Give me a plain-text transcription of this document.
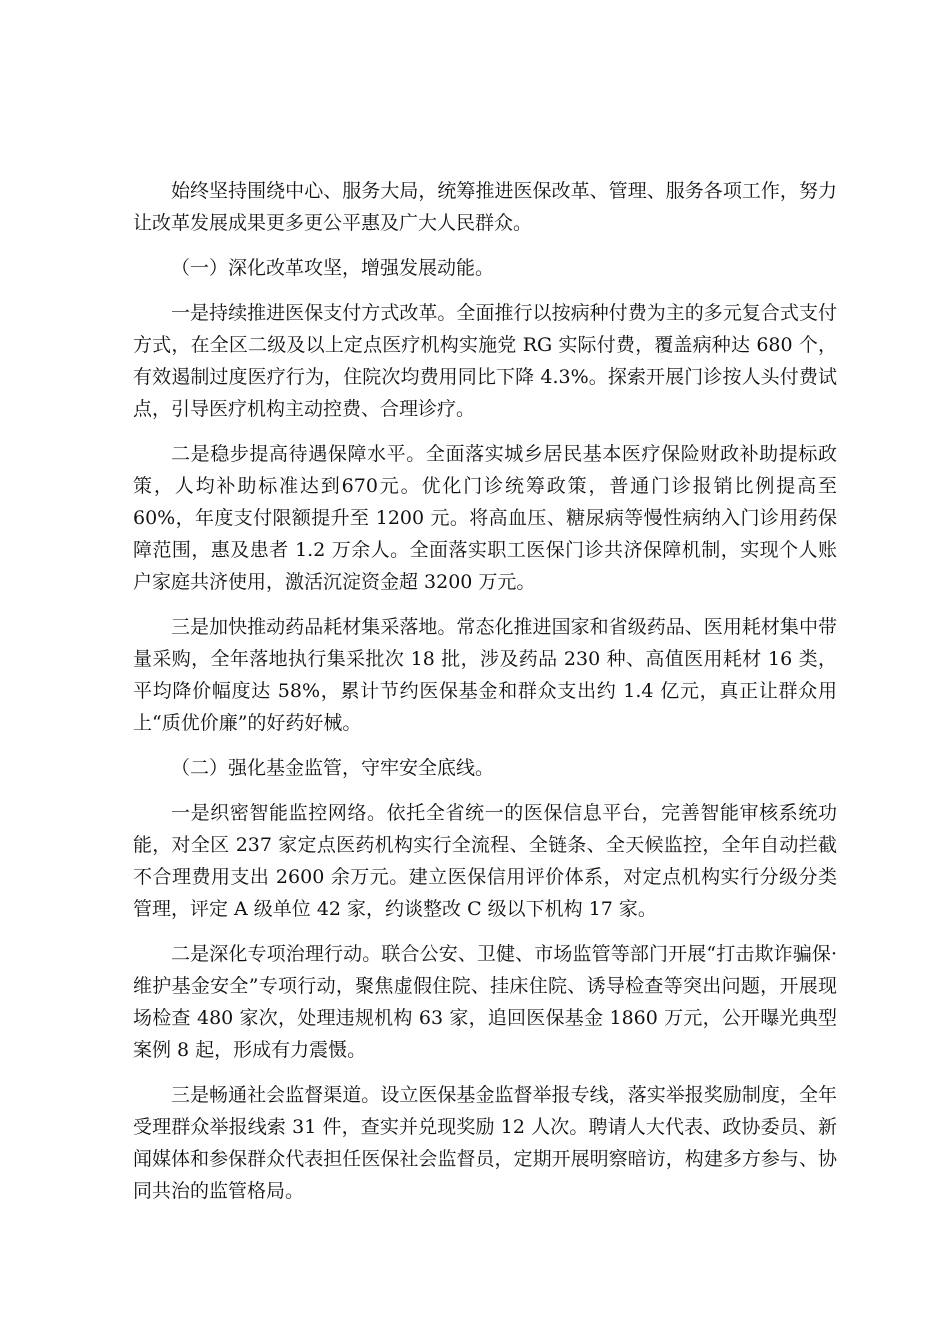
始终坚持围绕中心、服务大局，统筹推进医保改革、管理、服务各项工作，努力让改革发展成果更多更公平惠及广大人民群众。

（一）深化改革攻坚，增强发展动能。

一是持续推进医保支付方式改革。全面推行以按病种付费为主的多元复合式支付方式，在全区二级及以上定点医疗机构实施党 RG 实际付费，覆盖病种达 680 个，有效遏制过度医疗行为，住院次均费用同比下降 4.3%。探索开展门诊按人头付费试点，引导医疗机构主动控费、合理诊疗。

二是稳步提高待遇保障水平。全面落实城乡居民基本医疗保险财政补助提标政策，人均补助标准达到670元。优化门诊统筹政策，普通门诊报销比例提高至 60%，年度支付限额提升至 1200 元。将高血压、糖尿病等慢性病纳入门诊用药保障范围，惠及患者 1.2 万余人。全面落实职工医保门诊共济保障机制，实现个人账户家庭共济使用，激活沉淀资金超 3200 万元。

三是加快推动药品耗材集采落地。常态化推进国家和省级药品、医用耗材集中带量采购，全年落地执行集采批次 18 批，涉及药品 230 种、高值医用耗材 16 类，平均降价幅度达 58%，累计节约医保基金和群众支出约 1.4 亿元，真正让群众用上“质优价廉”的好药好械。

（二）强化基金监管，守牢安全底线。

一是织密智能监控网络。依托全省统一的医保信息平台，完善智能审核系统功能，对全区 237 家定点医药机构实行全流程、全链条、全天候监控，全年自动拦截不合理费用支出 2600 余万元。建立医保信用评价体系，对定点机构实行分级分类管理，评定 A 级单位 42 家，约谈整改 C 级以下机构 17 家。

二是深化专项治理行动。联合公安、卫健、市场监管等部门开展“打击欺诈骗保·维护基金安全”专项行动，聚焦虚假住院、挂床住院、诱导检查等突出问题，开展现场检查 480 家次，处理违规机构 63 家，追回医保基金 1860 万元，公开曝光典型案例 8 起，形成有力震慑。

三是畅通社会监督渠道。设立医保基金监督举报专线，落实举报奖励制度，全年受理群众举报线索 31 件，查实并兑现奖励 12 人次。聘请人大代表、政协委员、新闻媒体和参保群众代表担任医保社会监督员，定期开展明察暗访，构建多方参与、协同共治的监管格局。
